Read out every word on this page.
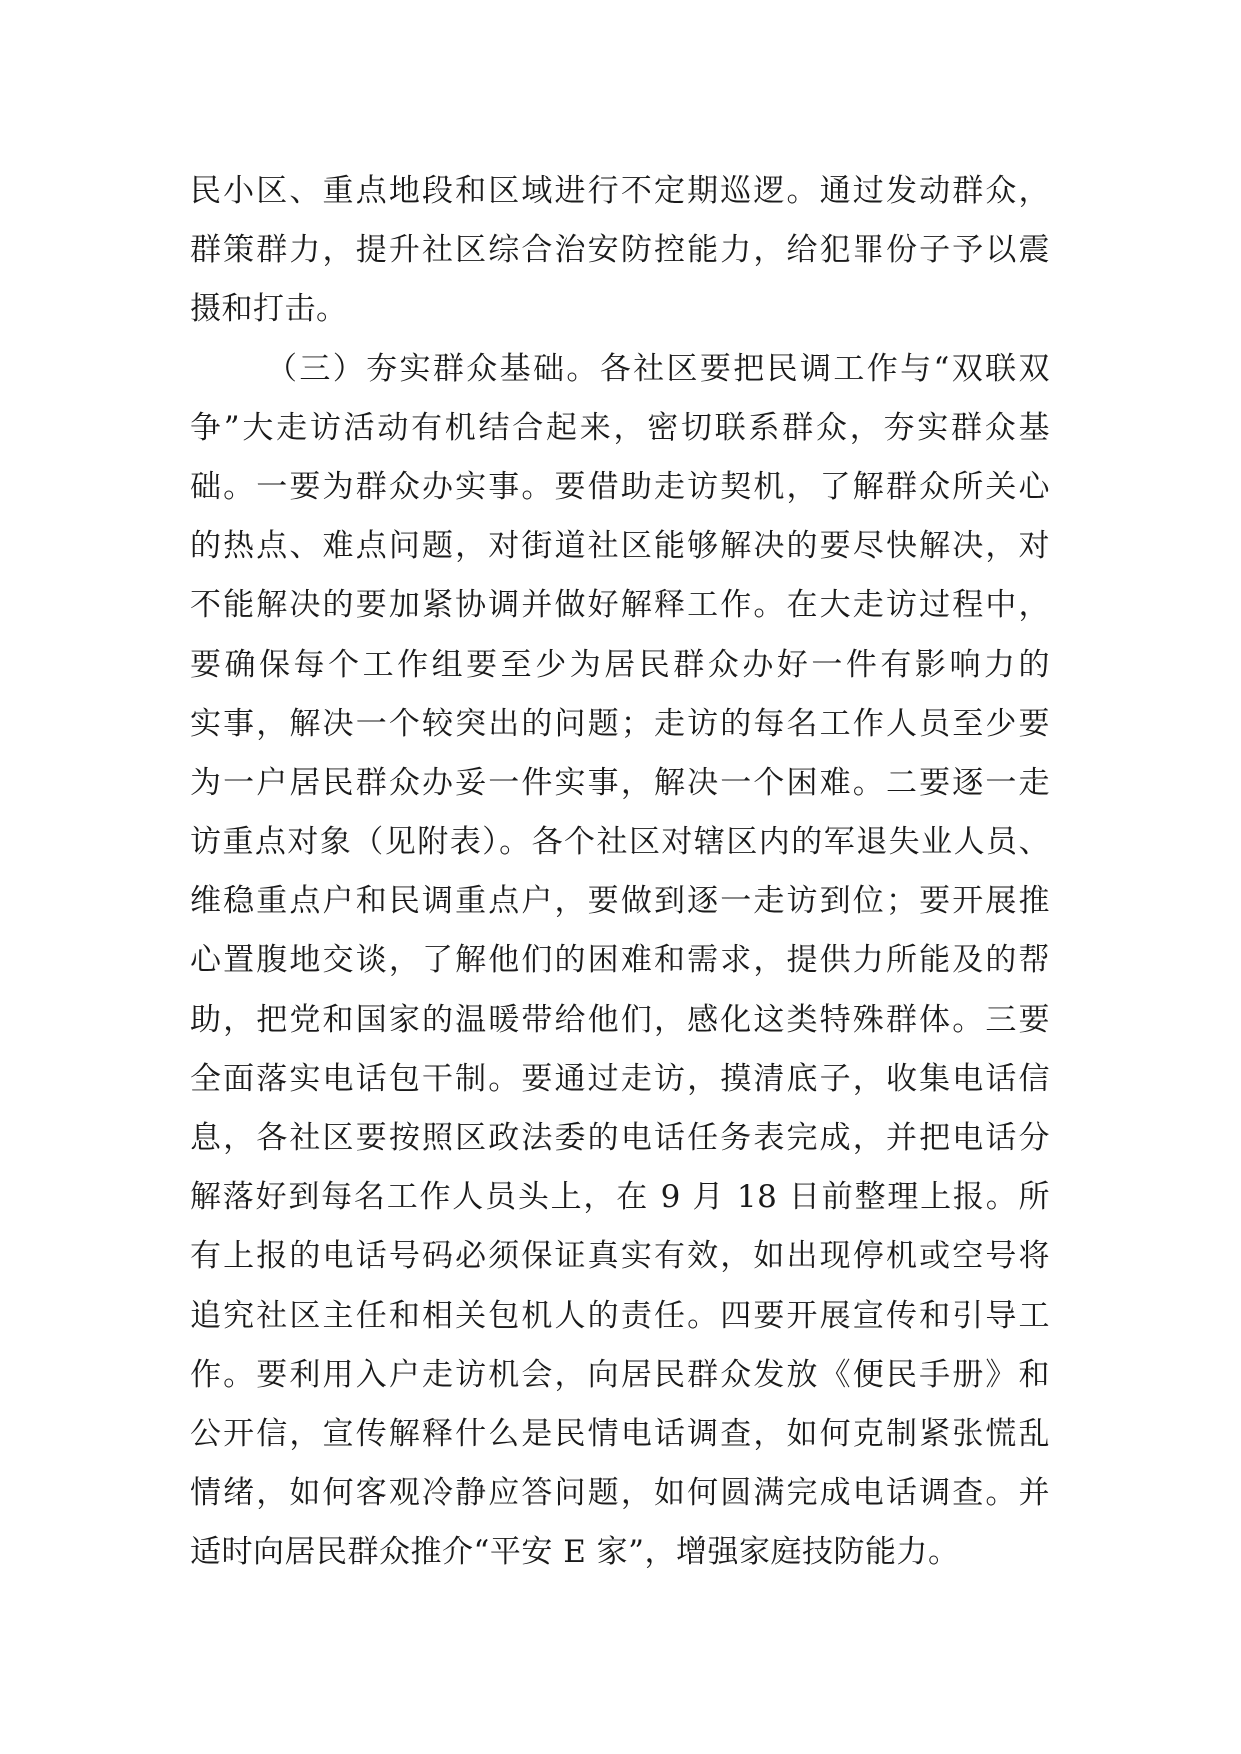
民小区、重点地段和区域进行不定期巡逻。通过发动群众，
群策群力，提升社区综合治安防控能力，给犯罪份子予以震
摄和打击。
（三）夯实群众基础。各社区要把民调工作与“双联双
争”大走访活动有机结合起来，密切联系群众，夯实群众基
础。一要为群众办实事。要借助走访契机，了解群众所关心
的热点、难点问题，对街道社区能够解决的要尽快解决，对
不能解决的要加紧协调并做好解释工作。在大走访过程中，
要确保每个工作组要至少为居民群众办好一件有影响力的
实事，解决一个较突出的问题；走访的每名工作人员至少要
为一户居民群众办妥一件实事，解决一个困难。二要逐一走
访重点对象（见附表）。各个社区对辖区内的军退失业人员、
维稳重点户和民调重点户，要做到逐一走访到位；要开展推
心置腹地交谈，了解他们的困难和需求，提供力所能及的帮
助，把党和国家的温暖带给他们，感化这类特殊群体。三要
全面落实电话包干制。要通过走访，摸清底子，收集电话信
息，各社区要按照区政法委的电话任务表完成，并把电话分
解落好到每名工作人员头上，在 9 月 18 日前整理上报。所
有上报的电话号码必须保证真实有效，如出现停机或空号将
追究社区主任和相关包机人的责任。四要开展宣传和引导工
作。要利用入户走访机会，向居民群众发放《便民手册》和
公开信，宣传解释什么是民情电话调查，如何克制紧张慌乱
情绪，如何客观冷静应答问题，如何圆满完成电话调查。并
适时向居民群众推介“平安 E 家”，增强家庭技防能力。
